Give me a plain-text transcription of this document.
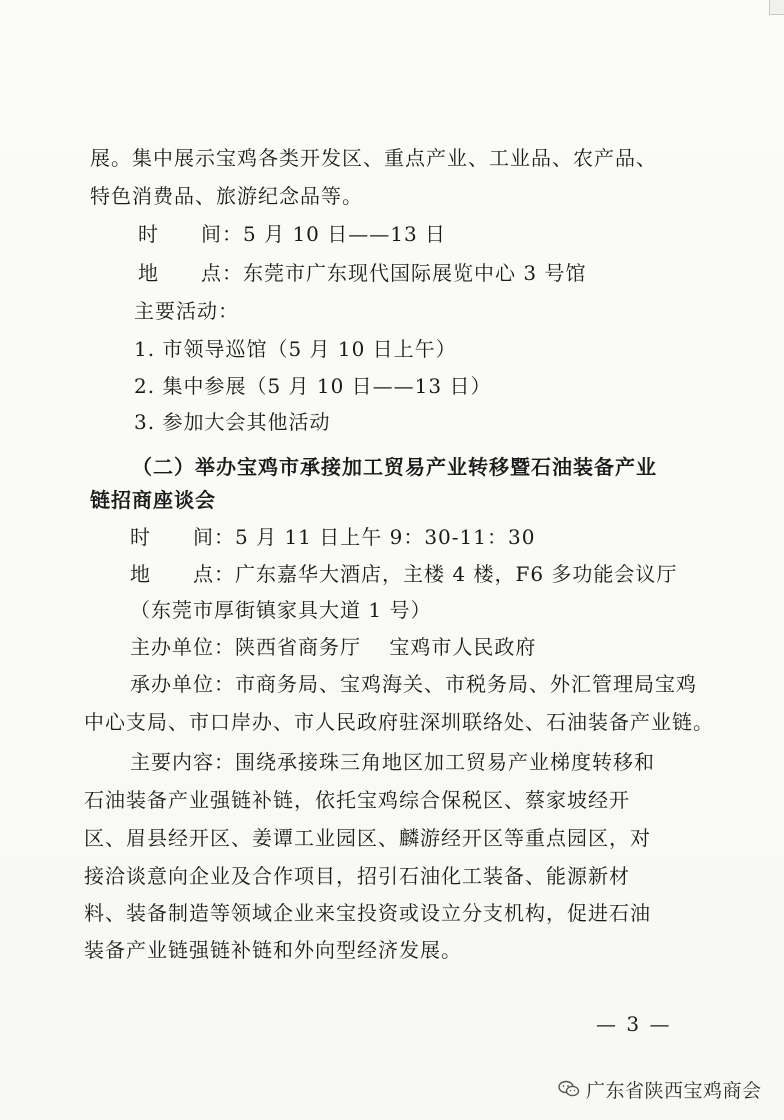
展。集中展示宝鸡各类开发区、重点产业、工业品、农产品、
特色消费品、旅游纪念品等。
时　　间：5 月 10 日——13 日
地　　点：东莞市广东现代国际展览中心 3 号馆
主要活动：
1. 市领导巡馆（5 月 10 日上午）
2. 集中参展（5 月 10 日——13 日）
3. 参加大会其他活动
（二）举办宝鸡市承接加工贸易产业转移暨石油装备产业
链招商座谈会
时　　间：5 月 11 日上午 9：30-11：30
地　　点：广东嘉华大酒店，主楼 4 楼，F6 多功能会议厅
（东莞市厚街镇家具大道 1 号）
主办单位：陕西省商务厅　 宝鸡市人民政府
承办单位：市商务局、宝鸡海关、市税务局、外汇管理局宝鸡
中心支局、市口岸办、市人民政府驻深圳联络处、石油装备产业链。
主要内容：围绕承接珠三角地区加工贸易产业梯度转移和
石油装备产业强链补链，依托宝鸡综合保税区、蔡家坡经开
区、眉县经开区、姜谭工业园区、麟游经开区等重点园区，对
接洽谈意向企业及合作项目，招引石油化工装备、能源新材
料、装备制造等领域企业来宝投资或设立分支机构，促进石油
装备产业链强链补链和外向型经济发展。
— 3 —
广东省陕西宝鸡商会
